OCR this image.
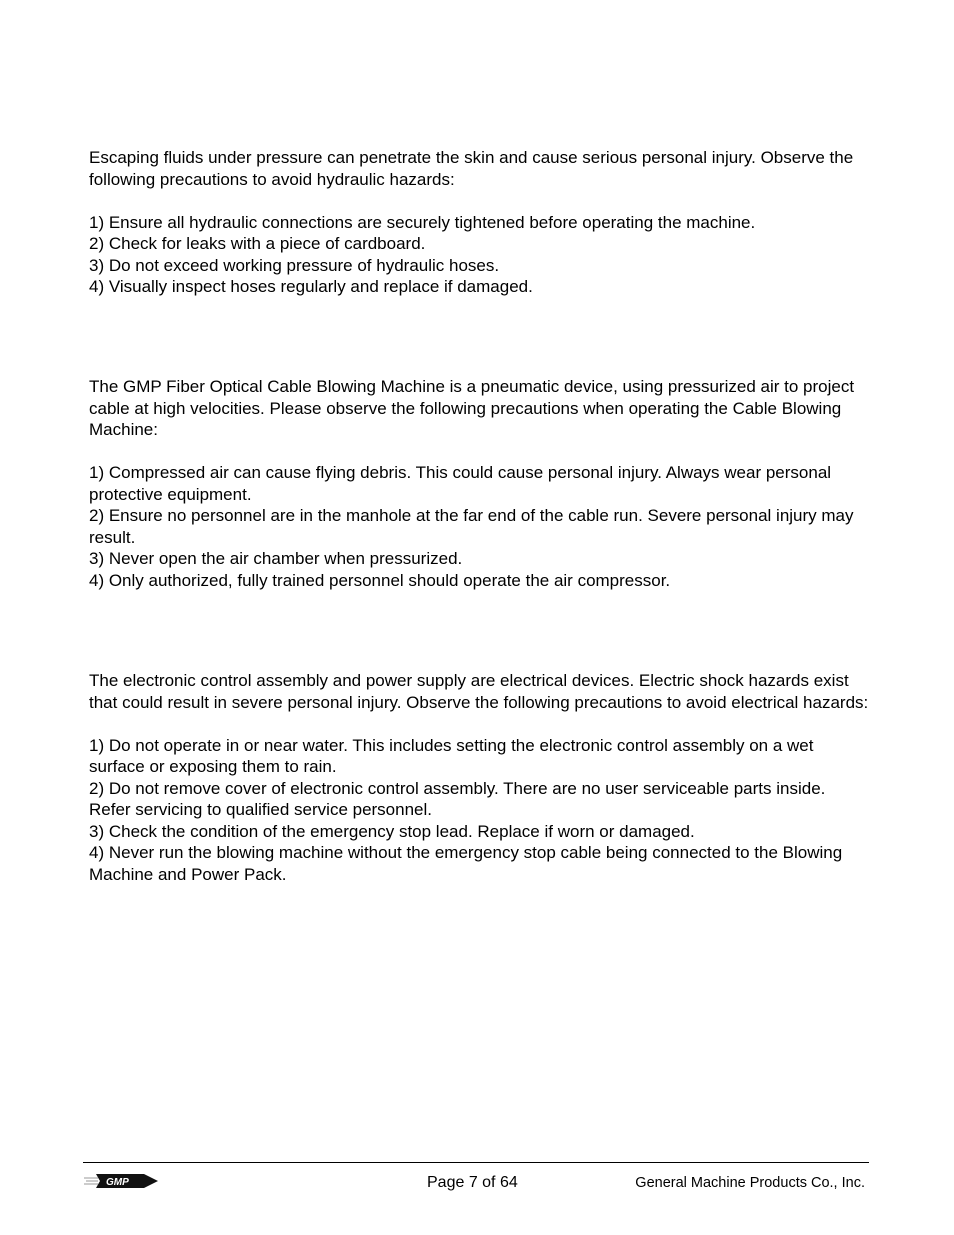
Escaping fluids under pressure can penetrate the skin and cause serious personal injury. Observe the following precautions to avoid hydraulic hazards:

1) Ensure all hydraulic connections are securely tightened before operating the machine.
2) Check for leaks with a piece of cardboard.
3) Do not exceed working pressure of hydraulic hoses.
4) Visually inspect hoses regularly and replace if damaged.

The GMP Fiber Optical Cable Blowing Machine is a pneumatic device, using pressurized air to project cable at high velocities. Please observe the following precautions when operating the Cable Blowing Machine:

1) Compressed air can cause flying debris. This could cause personal injury. Always wear personal protective equipment.
2) Ensure no personnel are in the manhole at the far end of the cable run. Severe personal injury may result.
3) Never open the air chamber when pressurized.
4) Only authorized, fully trained personnel should operate the air compressor.

The electronic control assembly and power supply are electrical devices. Electric shock hazards exist that could result in severe personal injury. Observe the following precautions to avoid electrical hazards:

1) Do not operate in or near water. This includes setting the electronic control assembly on a wet surface or exposing them to rain.
2) Do not remove cover of electronic control assembly. There are no user serviceable parts inside. Refer servicing to qualified service personnel.
3) Check the condition of the emergency stop lead. Replace if worn or damaged.
4) Never run the blowing machine without the emergency stop cable being connected to the Blowing Machine and Power Pack.
GMP	Page 7 of 64	General Machine Products Co., Inc.
